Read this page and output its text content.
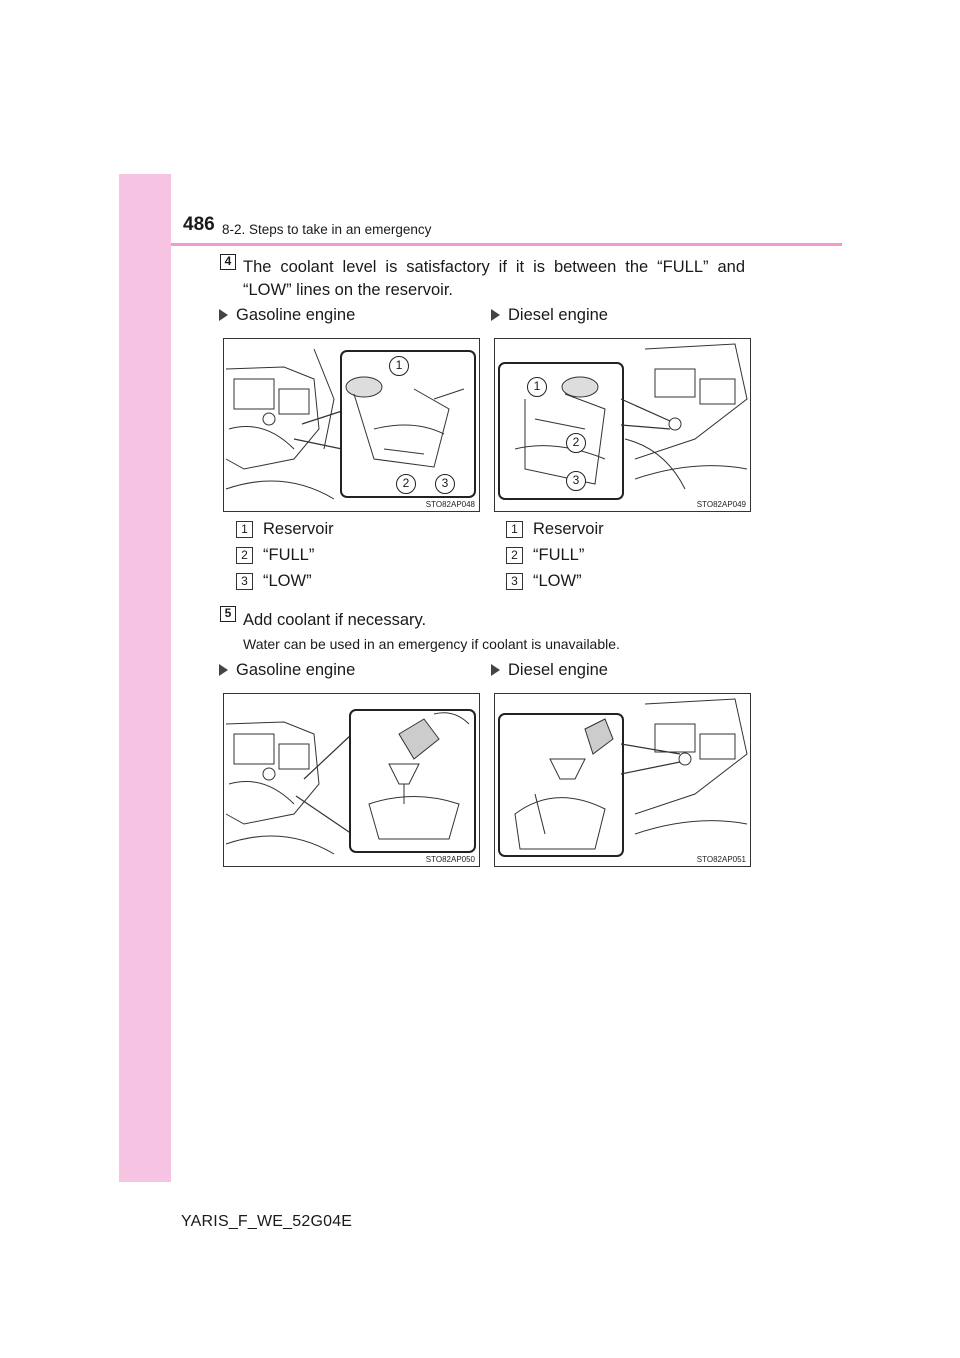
486 8-2. Steps to take in an emergency
4 The coolant level is satisfactory if it is between the “FULL” and “LOW” lines on the reservoir.
Gasoline engine	Diesel engine
1
2	3
STO82AP048
1
2
3
STO82AP049
1 Reservoir
2 “FULL”
3 “LOW”
1 Reservoir
2 “FULL”
3 “LOW”
5 Add coolant if necessary.
Water can be used in an emergency if coolant is unavailable.
Gasoline engine	Diesel engine
STO82AP050	STO82AP051
YARIS_F_WE_52G04E
